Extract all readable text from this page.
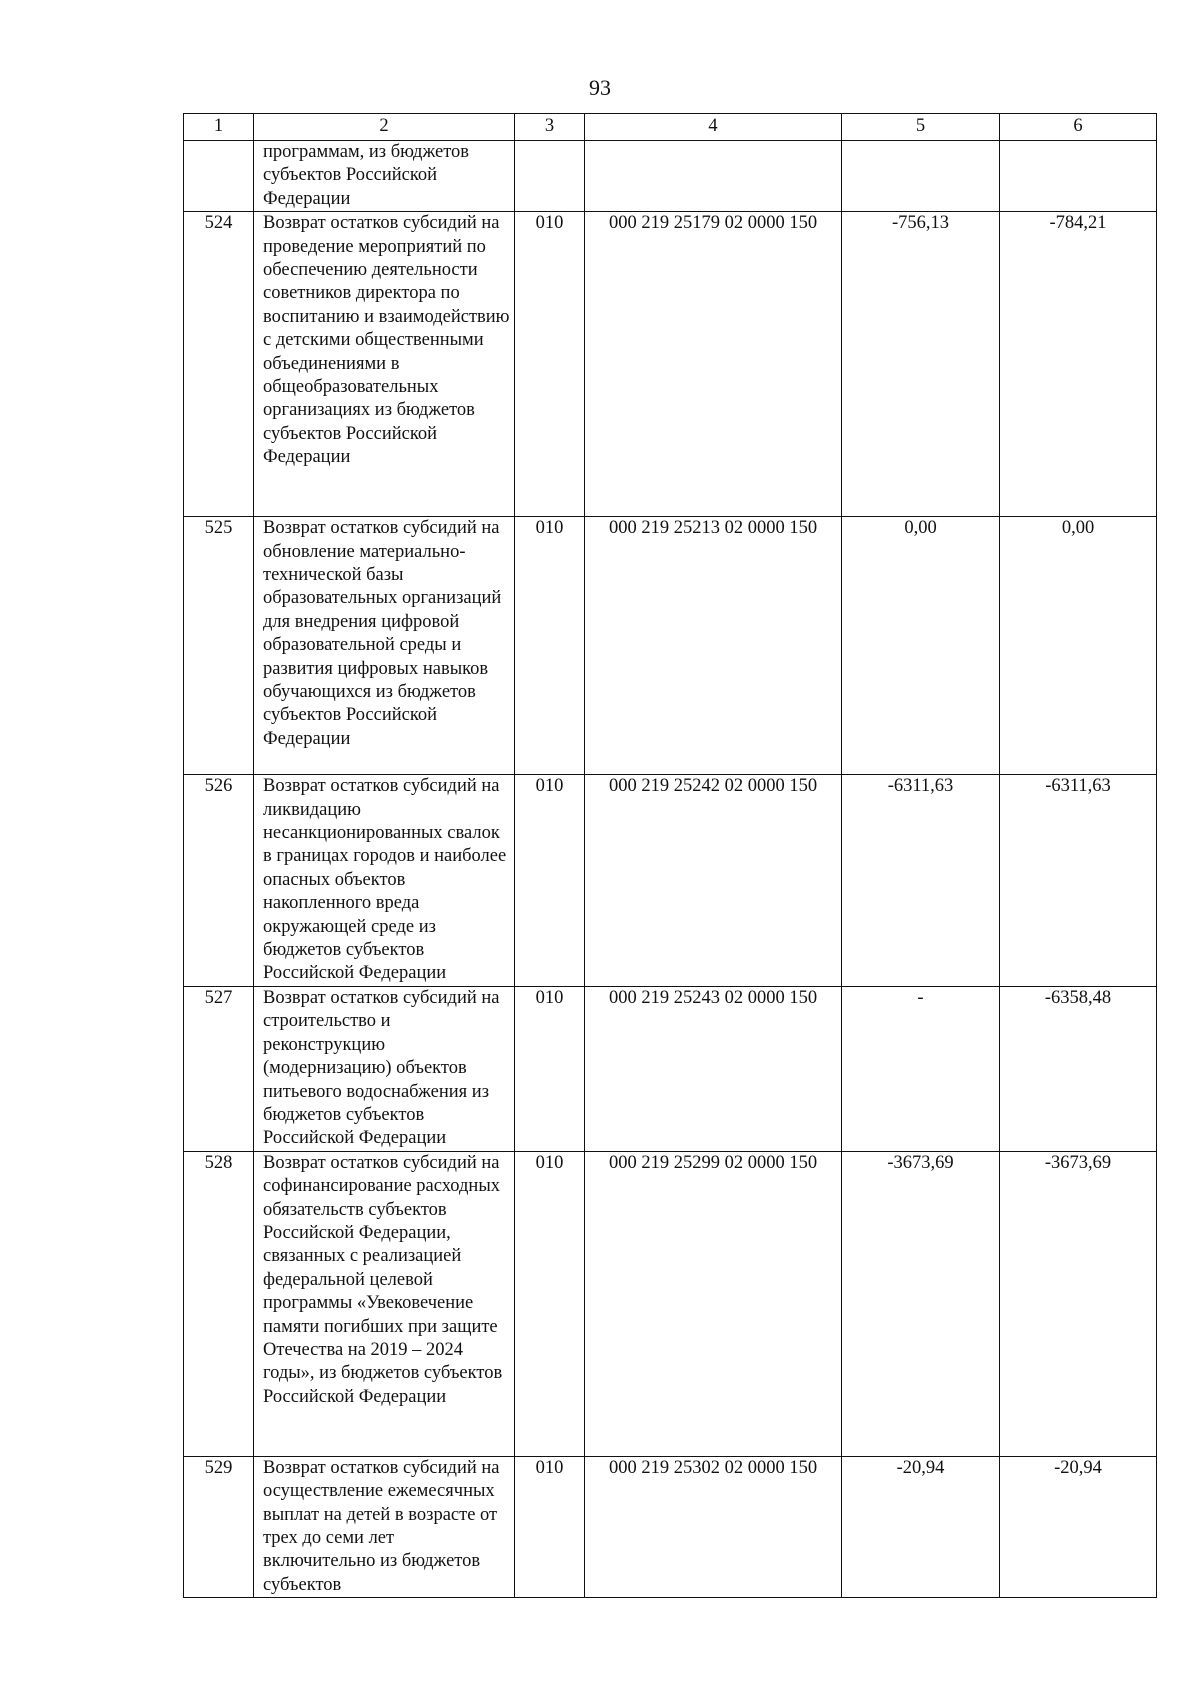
93
1	2	3	4	5	6
	программам, из бюджетов субъектов Российской Федерации				
524	Возврат остатков субсидий на проведение мероприятий по обеспечению деятельности советников директора по воспитанию и взаимодействию с детскими общественными объединениями в общеобразовательных организациях из бюджетов субъектов Российской Федерации	010	000 219 25179 02 0000 150	-756,13	-784,21
525	Возврат остатков субсидий на обновление материально-технической базы образовательных организаций для внедрения цифровой образовательной среды и развития цифровых навыков обучающихся из бюджетов субъектов Российской Федерации	010	000 219 25213 02 0000 150	0,00	0,00
526	Возврат остатков субсидий на ликвидацию несанкционированных свалок в границах городов и наиболее опасных объектов накопленного вреда окружающей среде из бюджетов субъектов Российской Федерации	010	000 219 25242 02 0000 150	-6311,63	-6311,63
527	Возврат остатков субсидий на строительство и реконструкцию (модернизацию) объектов питьевого водоснабжения из бюджетов субъектов Российской Федерации	010	000 219 25243 02 0000 150	-	-6358,48
528	Возврат остатков субсидий на софинансирование расходных обязательств субъектов Российской Федерации, связанных с реализацией федеральной целевой программы «Увековечение памяти погибших при защите Отечества на 2019 – 2024 годы», из бюджетов субъектов Российской Федерации	010	000 219 25299 02 0000 150	-3673,69	-3673,69
529	Возврат остатков субсидий на осуществление ежемесячных выплат на детей в возрасте от трех до семи лет включительно из бюджетов субъектов	010	000 219 25302 02 0000 150	-20,94	-20,94
